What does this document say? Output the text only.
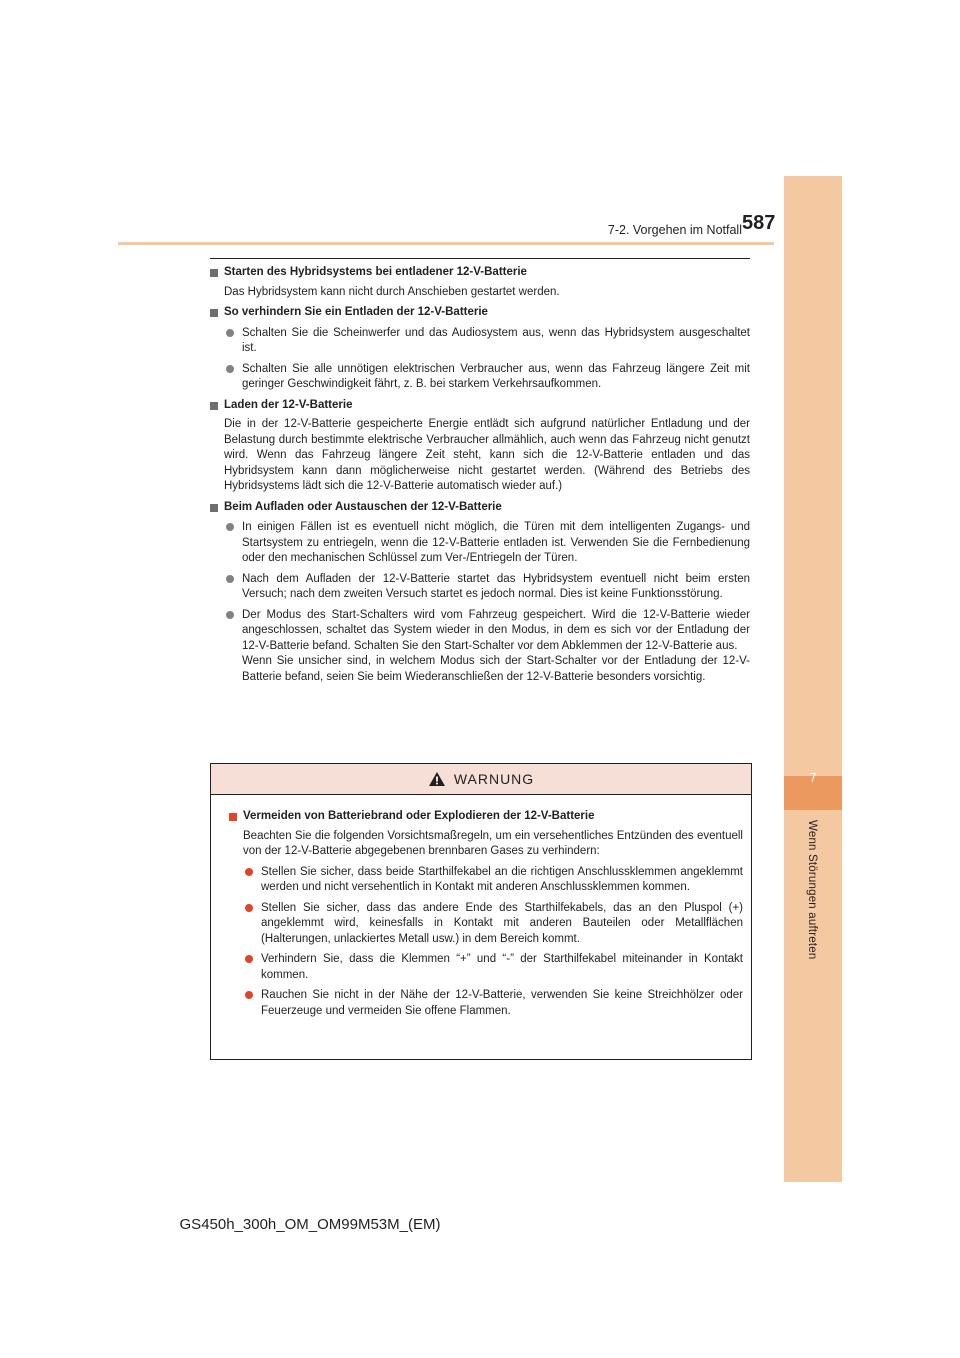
7-2. Vorgehen im Notfall 587
7
Wenn Störungen auftreten
Starten des Hybridsystems bei entladener 12-V-Batterie
Das Hybridsystem kann nicht durch Anschieben gestartet werden.
So verhindern Sie ein Entladen der 12-V-Batterie
Schalten Sie die Scheinwerfer und das Audiosystem aus, wenn das Hybridsystem ausgeschaltet ist.
Schalten Sie alle unnötigen elektrischen Verbraucher aus, wenn das Fahrzeug längere Zeit mit geringer Geschwindigkeit fährt, z. B. bei starkem Verkehrsaufkommen.
Laden der 12-V-Batterie
Die in der 12-V-Batterie gespeicherte Energie entlädt sich aufgrund natürlicher Entladung und der Belastung durch bestimmte elektrische Verbraucher allmählich, auch wenn das Fahrzeug nicht genutzt wird. Wenn das Fahrzeug längere Zeit steht, kann sich die 12-V-Batterie entladen und das Hybridsystem kann dann möglicherweise nicht gestartet werden. (Während des Betriebs des Hybridsystems lädt sich die 12-V-Batterie automatisch wieder auf.)
Beim Aufladen oder Austauschen der 12-V-Batterie
In einigen Fällen ist es eventuell nicht möglich, die Türen mit dem intelligenten Zugangs- und Startsystem zu entriegeln, wenn die 12-V-Batterie entladen ist. Verwenden Sie die Fernbedienung oder den mechanischen Schlüssel zum Ver-/Entriegeln der Türen.
Nach dem Aufladen der 12-V-Batterie startet das Hybridsystem eventuell nicht beim ersten Versuch; nach dem zweiten Versuch startet es jedoch normal. Dies ist keine Funktionsstörung.
Der Modus des Start-Schalters wird vom Fahrzeug gespeichert. Wird die 12-V-Batterie wieder angeschlossen, schaltet das System wieder in den Modus, in dem es sich vor der Entladung der 12-V-Batterie befand. Schalten Sie den Start-Schalter vor dem Abklemmen der 12-V-Batterie aus.
Wenn Sie unsicher sind, in welchem Modus sich der Start-Schalter vor der Entladung der 12-V-Batterie befand, seien Sie beim Wiederanschließen der 12-V-Batterie besonders vorsichtig.
WARNUNG
Vermeiden von Batteriebrand oder Explodieren der 12-V-Batterie
Beachten Sie die folgenden Vorsichtsmaßregeln, um ein versehentliches Entzünden des eventuell von der 12-V-Batterie abgegebenen brennbaren Gases zu verhindern:
Stellen Sie sicher, dass beide Starthilfekabel an die richtigen Anschlussklemmen angeklemmt werden und nicht versehentlich in Kontakt mit anderen Anschlussklemmen kommen.
Stellen Sie sicher, dass das andere Ende des Starthilfekabels, das an den Pluspol (+) angeklemmt wird, keinesfalls in Kontakt mit anderen Bauteilen oder Metallflächen (Halterungen, unlackiertes Metall usw.) in dem Bereich kommt.
Verhindern Sie, dass die Klemmen “+” und “-” der Starthilfekabel miteinander in Kontakt kommen.
Rauchen Sie nicht in der Nähe der 12-V-Batterie, verwenden Sie keine Streichhölzer oder Feuerzeuge und vermeiden Sie offene Flammen.
GS450h_300h_OM_OM99M53M_(EM)
